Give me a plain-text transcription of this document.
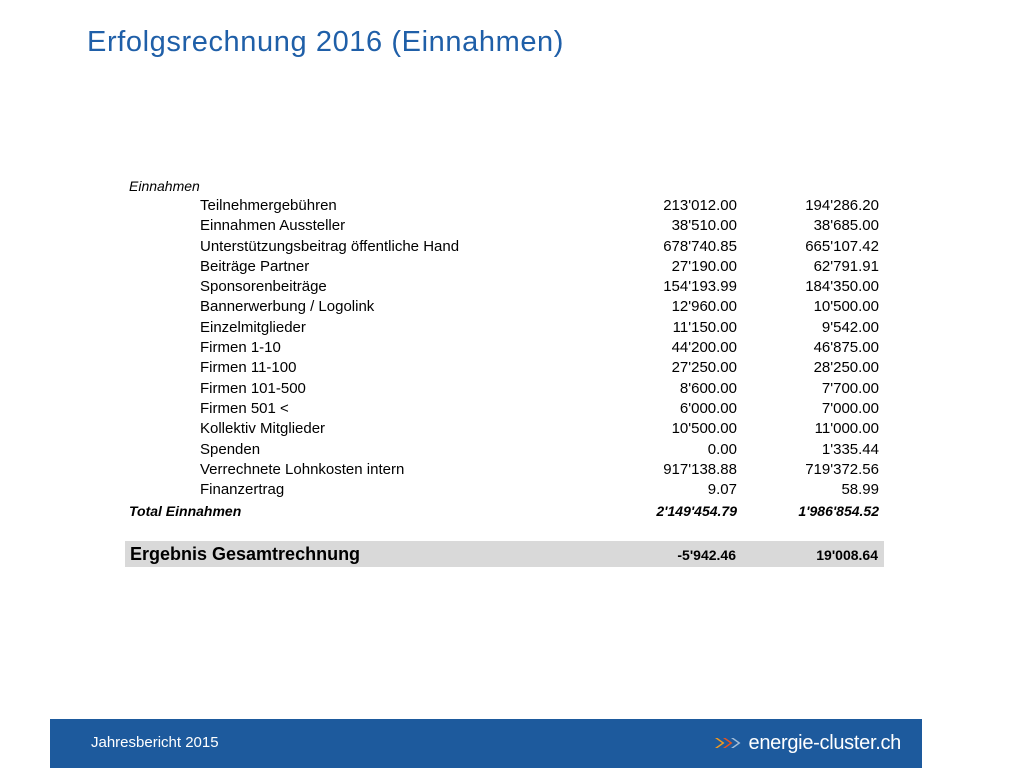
Erfolgsrechnung 2016 (Einnahmen)
Einnahmen
Teilnehmergebühren	213'012.00	194'286.20
Einnahmen Aussteller	38'510.00	38'685.00
Unterstützungsbeitrag öffentliche Hand	678'740.85	665'107.42
Beiträge Partner	27'190.00	62'791.91
Sponsorenbeiträge	154'193.99	184'350.00
Bannerwerbung / Logolink	12'960.00	10'500.00
Einzelmitglieder	11'150.00	9'542.00
Firmen 1-10	44'200.00	46'875.00
Firmen 11-100	27'250.00	28'250.00
Firmen 101-500	8'600.00	7'700.00
Firmen 501 <	6'000.00	7'000.00
Kollektiv Mitglieder	10'500.00	11'000.00
Spenden	0.00	1'335.44
Verrechnete Lohnkosten intern	917'138.88	719'372.56
Finanzertrag	9.07	58.99
Total Einnahmen	2'149'454.79	1'986'854.52
Ergebnis Gesamtrechnung	-5'942.46	19'008.64
Jahresbericht 2015	energie-cluster.ch
